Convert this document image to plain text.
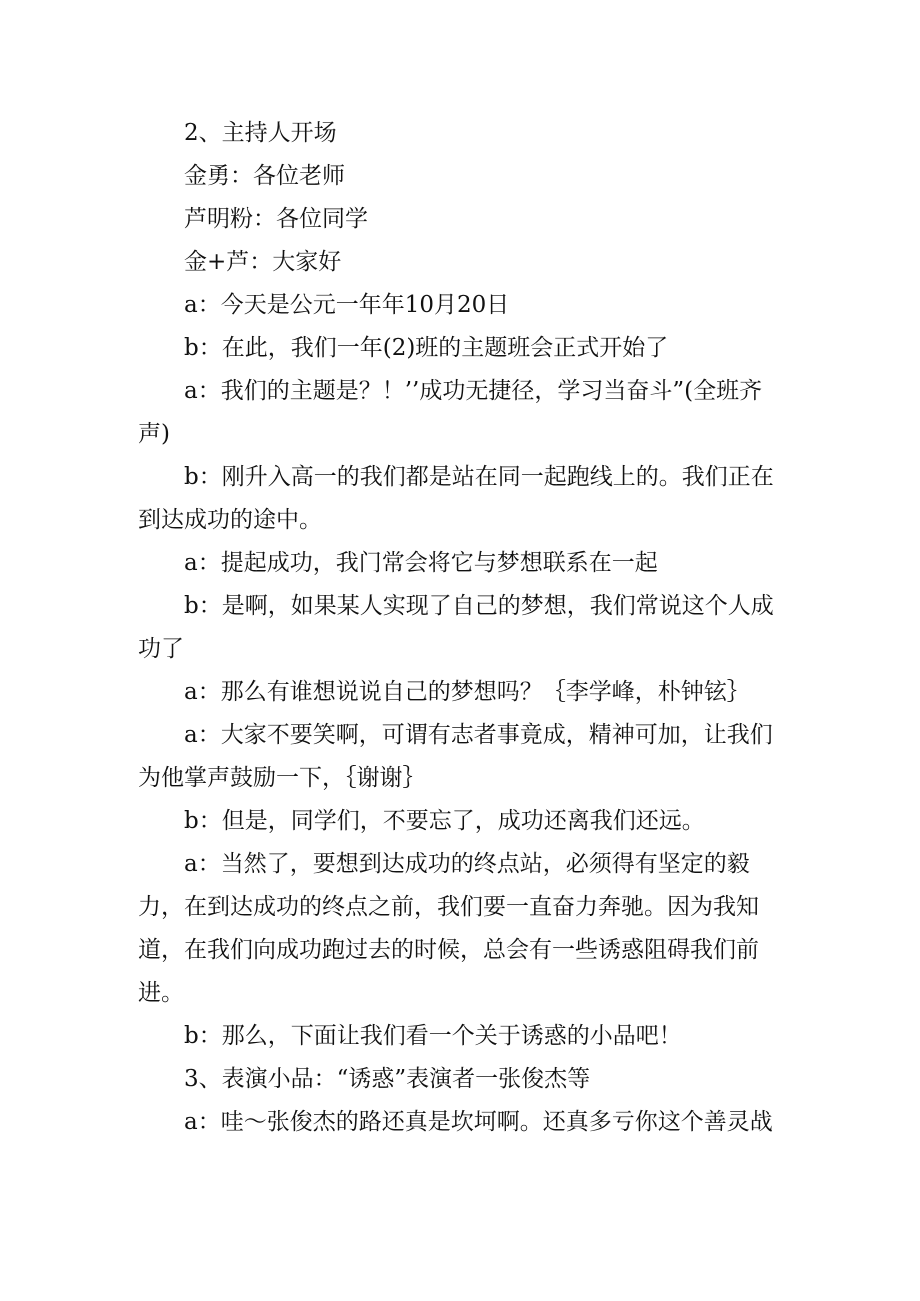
2、主持人开场

金勇：各位老师

芦明粉：各位同学

金+芦：大家好

a：今天是公元一年年10月20日

b：在此，我们一年(2)班的主题班会正式开始了

a：我们的主题是？！’’成功无捷径，学习当奋斗”(全班齐声)

b：刚升入高一的我们都是站在同一起跑线上的。我们正在到达成功的途中。

a：提起成功，我门常会将它与梦想联系在一起

b：是啊，如果某人实现了自己的梦想，我们常说这个人成功了

a：那么有谁想说说自己的梦想吗？｛李学峰，朴钟铉｝

a：大家不要笑啊，可谓有志者事竟成，精神可加，让我们为他掌声鼓励一下，｛谢谢｝

b：但是，同学们，不要忘了，成功还离我们还远。

a：当然了，要想到达成功的终点站，必须得有坚定的毅力，在到达成功的终点之前，我们要一直奋力奔驰。因为我知道，在我们向成功跑过去的时候，总会有一些诱惑阻碍我们前进。

b：那么，下面让我们看一个关于诱惑的小品吧！

3、表演小品：“诱惑”表演者一张俊杰等

a：哇～张俊杰的路还真是坎坷啊。还真多亏你这个善灵战
